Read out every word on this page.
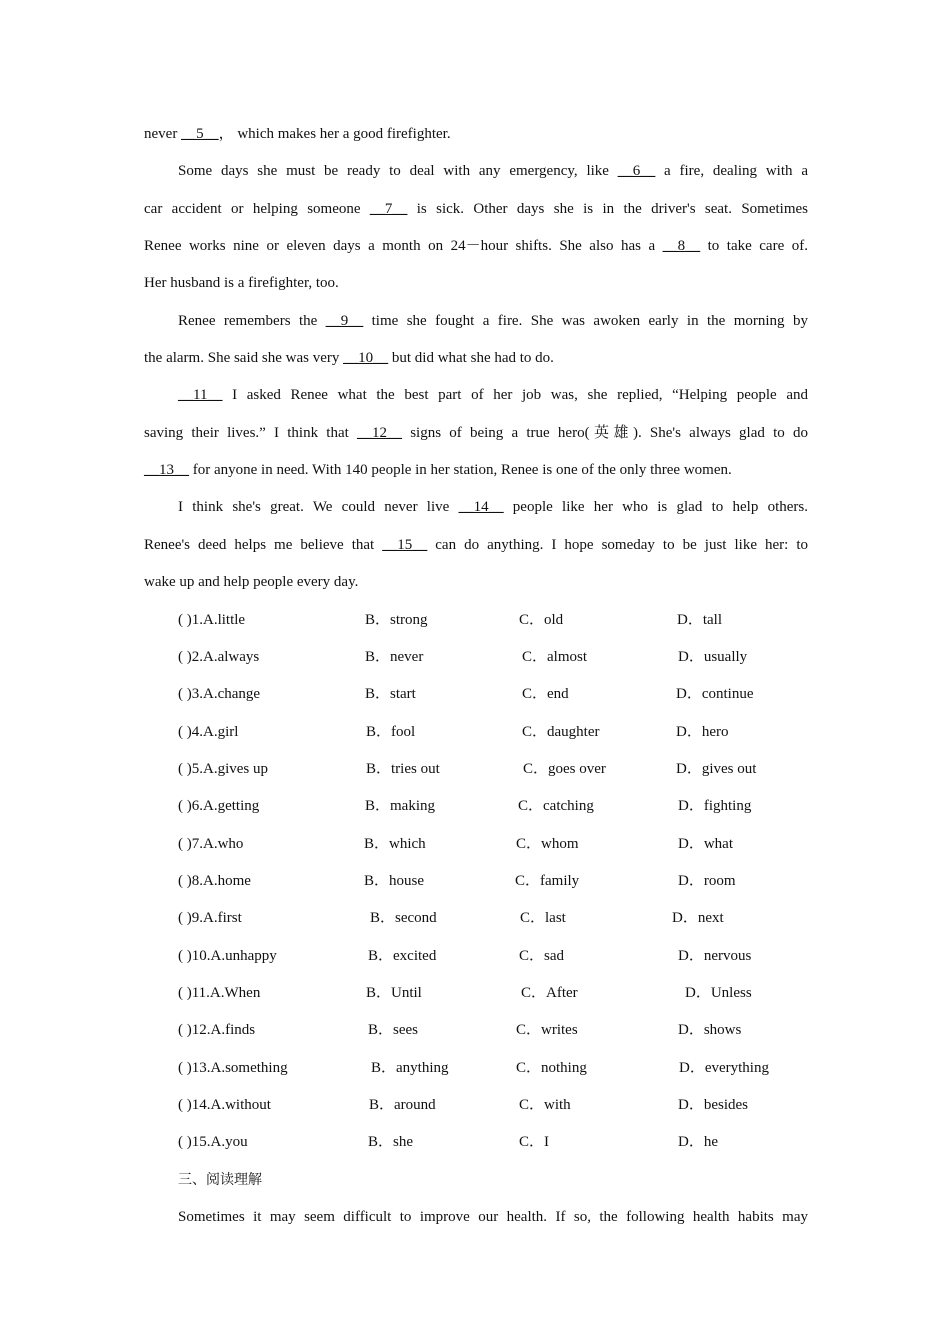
never __5__， which makes her a good firefighter.
Some days she must be ready to deal with any emergency, like __6__ a fire, dealing with a
car accident or helping someone __7__ is sick. Other days she is in the driver's seat. Sometimes
Renee works nine or eleven days a month on 24－hour shifts. She also has a __8__ to take care of.
Her husband is a firefighter, too.
Renee remembers the __9__ time she fought a fire. She was awoken early in the morning by
the alarm. She said she was very __10__ but did what she had to do.
__11__ I asked Renee what the best part of her job was, she replied, “Helping people and
saving their lives.” I think that __12__ signs of being a true hero(英雄). She's always glad to do
__13__ for anyone in need. With 140 people in her station, Renee is one of the only three women.
I think she's great. We could never live __14__ people like her who is glad to help others.
Renee's deed helps me believe that __15__ can do anything. I hope someday to be just like her: to
wake up and help people every day.
( )1.A.little	B．strong	C．old	D．tall
( )2.A.always	B．never	C．almost	D．usually
( )3.A.change	B．start	C．end	D．continue
( )4.A.girl	B．fool	C．daughter	D．hero
( )5.A.gives up	B．tries out	C．goes over	D．gives out
( )6.A.getting	B．making	C．catching	D．fighting
( )7.A.who	B．which	C．whom	D．what
( )8.A.home	B．house	C．family	D．room
( )9.A.first	B．second	C．last	D．next
( )10.A.unhappy	B．excited	C．sad	D．nervous
( )11.A.When	B．Until	C．After	D．Unless
( )12.A.finds	B．sees	C．writes	D．shows
( )13.A.something	B．anything	C．nothing	D．everything
( )14.A.without	B．around	C．with	D．besides
( )15.A.you	B．she	C．I	D．he
三、阅读理解
Sometimes it may seem difficult to improve our health. If so, the following health habits may
